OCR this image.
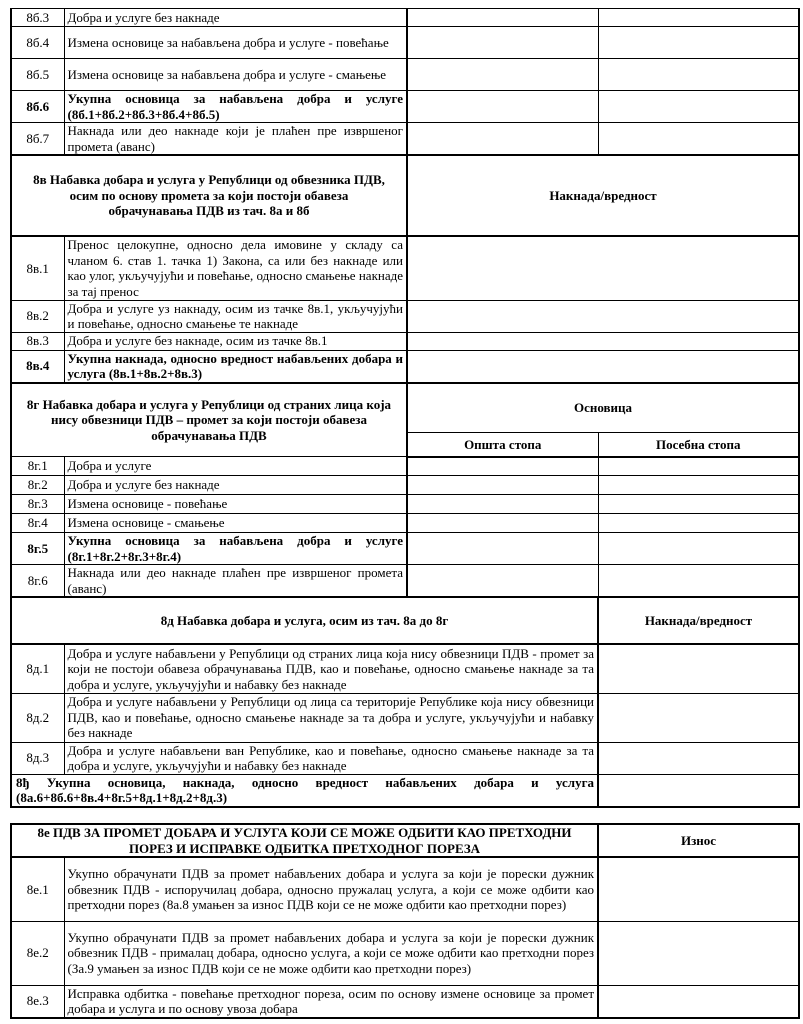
8б.3	Добра и услуге без накнаде		
8б.4	Измена основице за набављена добра и услуге - повећање		
8б.5	Измена основице за набављена добра и услуге - смањење		
8б.6	Укупна основица за набављена добра и услуге (8б.1+8б.2+8б.3+8б.4+8б.5)		
8б.7	Накнада или део накнаде који је плаћен пре извршеног промета (аванс)		
8в Набавка добара и услуга у Републици од обвезника ПДВ, осим по основу промета за који постоји обавеза обрачунавања ПДВ из тач. 8а и 8б		Накнада/вредност	
8в.1	Пренос целокупне, односно дела имовине у складу са чланом 6. став 1. тачка 1) Закона, са или без накнаде или као улог, укључујући и повећање, односно смањење накнаде за тај пренос		
8в.2	Добра и услуге уз накнаду, осим из тачке 8в.1, укључујући и повећање, односно смањење те накнаде		
8в.3	Добра и услуге без накнаде, осим из тачке 8в.1		
8в.4	Укупна накнада, односно вредност набављених добара и услуга (8в.1+8в.2+8в.3)		
8г Набавка добара и услуга у Републици од страних лица која нису обвезници ПДВ – промет за који постоји обавеза обрачунавања ПДВ		Основица	
		Општа стопа	Посебна стопа
8г.1	Добра и услуге		
8г.2	Добра и услуге без накнаде		
8г.3	Измена основице - повећање		
8г.4	Измена основице - смањење		
8г.5	Укупна основица за набављена добра и услуге (8г.1+8г.2+8г.3+8г.4)		
8г.6	Накнада или део накнаде плаћен пре извршеног промета (аванс)		
8д Набавка добара и услуга, осим из тач. 8а до 8г			Накнада/вредност
8д.1	Добра и услуге набављени у Републици од страних лица која нису обвезници ПДВ - промет за који не постоји обавеза обрачунавања ПДВ, као и повећање, односно смањење накнаде за та добра и услуге, укључујући и набавку без накнаде		
8д.2	Добра и услуге набављени у Републици од лица са територије Републике која нису обвезници ПДВ, као и повећање, односно смањење накнаде за та добра и услуге, укључујући и набавку без накнаде		
8д.3	Добра и услуге набављени ван Републике, као и повећање, односно смањење накнаде за та добра и услуге, укључујући и набавку без накнаде		
8ђ Укупна основица, накнада, односно вредност набављених добара и услуга (8а.6+8б.6+8в.4+8г.5+8д.1+8д.2+8д.3)			
8е ПДВ ЗА ПРОМЕТ ДОБАРА И УСЛУГА КОЈИ СЕ МОЖЕ ОДБИТИ КАО ПРЕТХОДНИ ПОРЕЗ И ИСПРАВКЕ ОДБИТКА ПРЕТХОДНОГ ПОРЕЗА		Износ
8е.1	Укупно обрачунати ПДВ за промет набављених добара и услуга за који је порески дужник обвезник ПДВ - испоручилац добара, односно пружалац услуга, а који се може одбити као претходни порез (8а.8 умањен за износ ПДВ који се не може одбити као претходни порез)	
8е.2	Укупно обрачунати ПДВ за промет набављених добара и услуга за који је порески дужник обвезник ПДВ - прималац добара, односно услуга, а који се може одбити као претходни порез (За.9 умањен за износ ПДВ који се не може одбити као претходни порез)	
8е.3	Исправка одбитка - повећање претходног пореза, осим по основу измене основице за промет добара и услуга и по основу увоза добара	
